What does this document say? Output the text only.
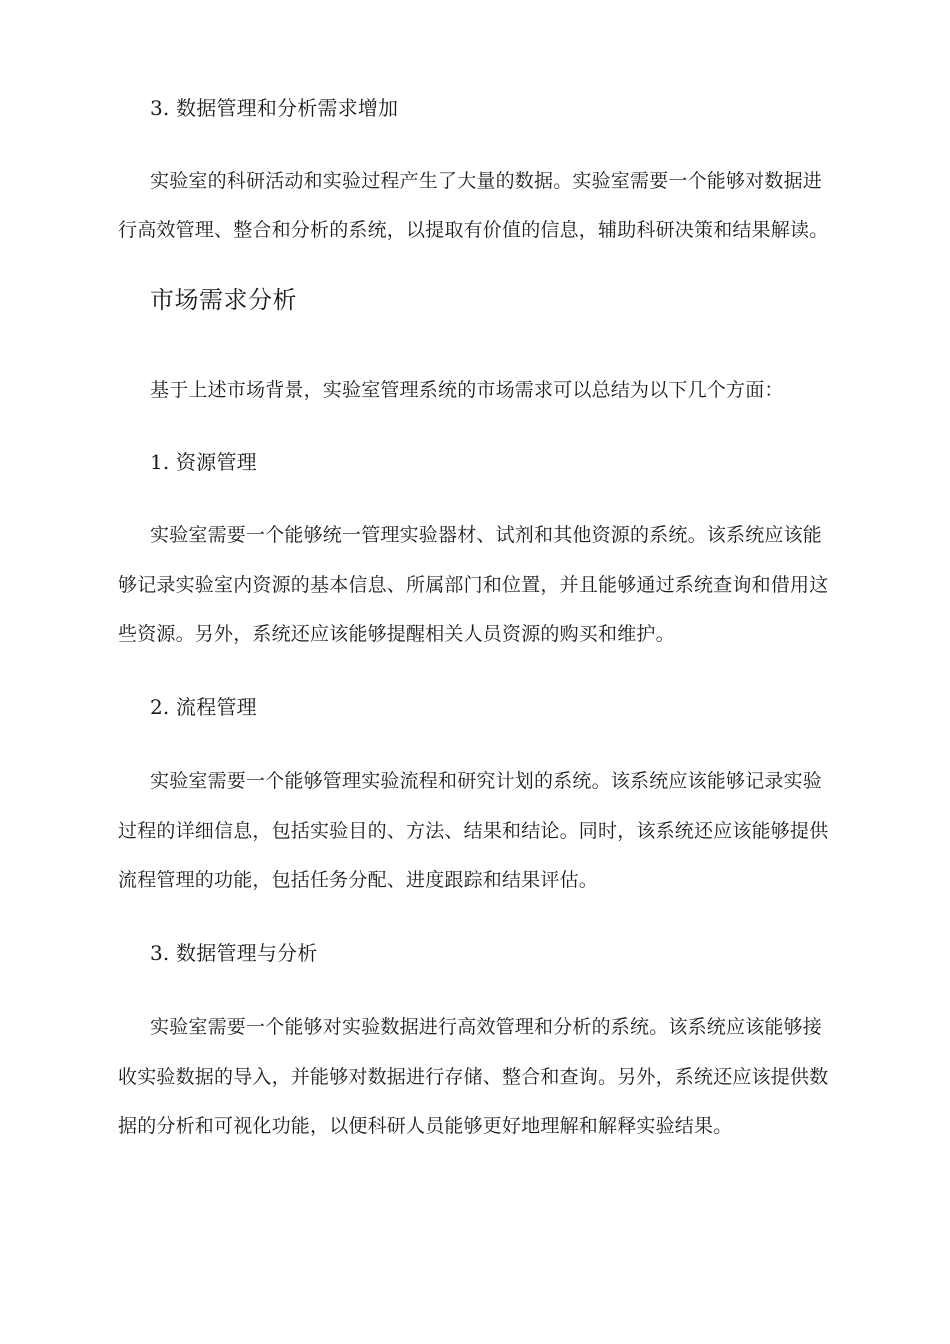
3. 数据管理和分析需求增加
实验室的科研活动和实验过程产生了大量的数据。实验室需要一个能够对数据进
行高效管理、整合和分析的系统，以提取有价值的信息，辅助科研决策和结果解读。
市场需求分析
基于上述市场背景，实验室管理系统的市场需求可以总结为以下几个方面：
1. 资源管理
实验室需要一个能够统一管理实验器材、试剂和其他资源的系统。该系统应该能
够记录实验室内资源的基本信息、所属部门和位置，并且能够通过系统查询和借用这
些资源。另外，系统还应该能够提醒相关人员资源的购买和维护。
2. 流程管理
实验室需要一个能够管理实验流程和研究计划的系统。该系统应该能够记录实验
过程的详细信息，包括实验目的、方法、结果和结论。同时，该系统还应该能够提供
流程管理的功能，包括任务分配、进度跟踪和结果评估。
3. 数据管理与分析
实验室需要一个能够对实验数据进行高效管理和分析的系统。该系统应该能够接
收实验数据的导入，并能够对数据进行存储、整合和查询。另外，系统还应该提供数
据的分析和可视化功能，以便科研人员能够更好地理解和解释实验结果。
